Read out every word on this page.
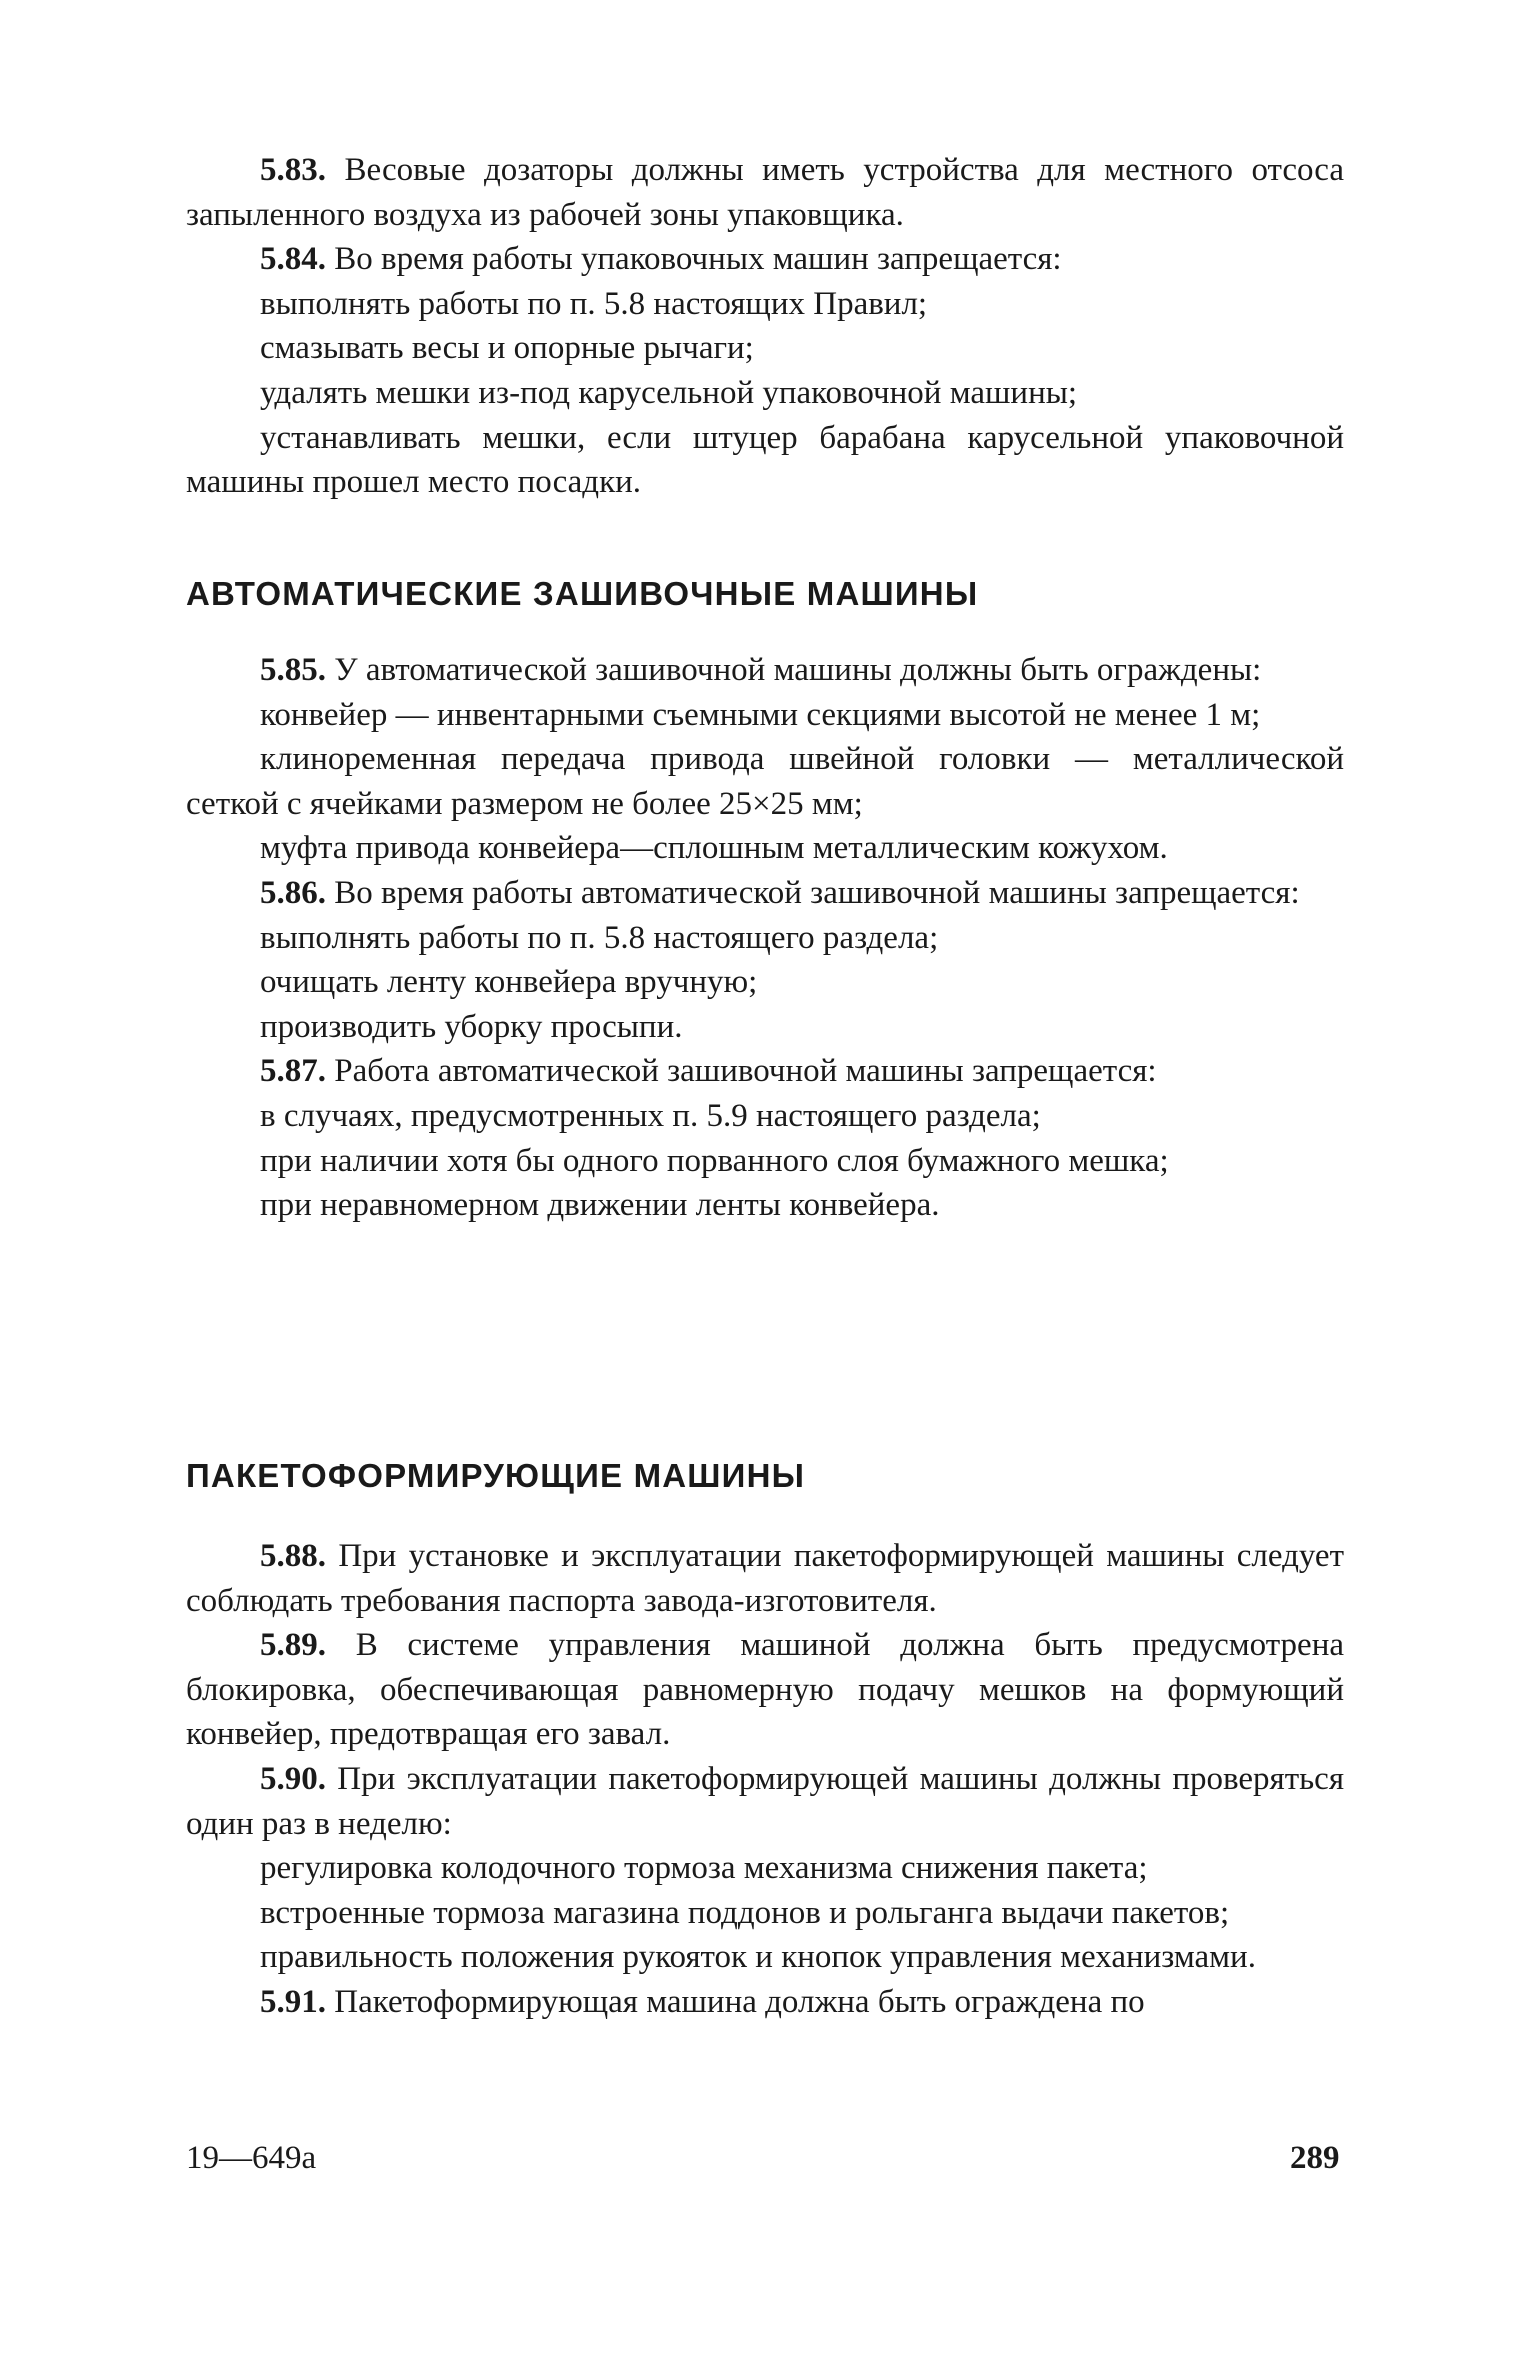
5.83. Весовые дозаторы должны иметь устройства для местного отсоса запыленного воздуха из рабочей зоны упаковщика.

5.84. Во время работы упаковочных машин запрещается:

выполнять работы по п. 5.8 настоящих Правил;

смазывать весы и опорные рычаги;

удалять мешки из-под карусельной упаковочной машины;

устанавливать мешки, если штуцер барабана карусельной упаковочной машины прошел место посадки.

АВТОМАТИЧЕСКИЕ ЗАШИВОЧНЫЕ МАШИНЫ

5.85. У автоматической зашивочной машины должны быть ограждены:

конвейер — инвентарными съемными секциями высотой не менее 1 м;

клиноременная передача привода швейной головки — металлической сеткой с ячейками размером не более 25×25 мм;

муфта привода конвейера—сплошным металлическим кожухом.

5.86. Во время работы автоматической зашивочной машины запрещается:

выполнять работы по п. 5.8 настоящего раздела;

очищать ленту конвейера вручную;

производить уборку просыпи.

5.87. Работа автоматической зашивочной машины запрещается:

в случаях, предусмотренных п. 5.9 настоящего раздела;

при наличии хотя бы одного порванного слоя бумажного мешка;

при неравномерном движении ленты конвейера.

ПАКЕТОФОРМИРУЮЩИЕ МАШИНЫ

5.88. При установке и эксплуатации пакетоформирующей машины следует соблюдать требования паспорта завода-изготовителя.

5.89. В системе управления машиной должна быть предусмотрена блокировка, обеспечивающая равномерную подачу мешков на формующий конвейер, предотвращая его завал.

5.90. При эксплуатации пакетоформирующей машины должны проверяться один раз в неделю:

регулировка колодочного тормоза механизма снижения пакета;

встроенные тормоза магазина поддонов и рольганга выдачи пакетов;

правильность положения рукояток и кнопок управления механизмами.

5.91. Пакетоформирующая машина должна быть ограждена по

19—649а	289
